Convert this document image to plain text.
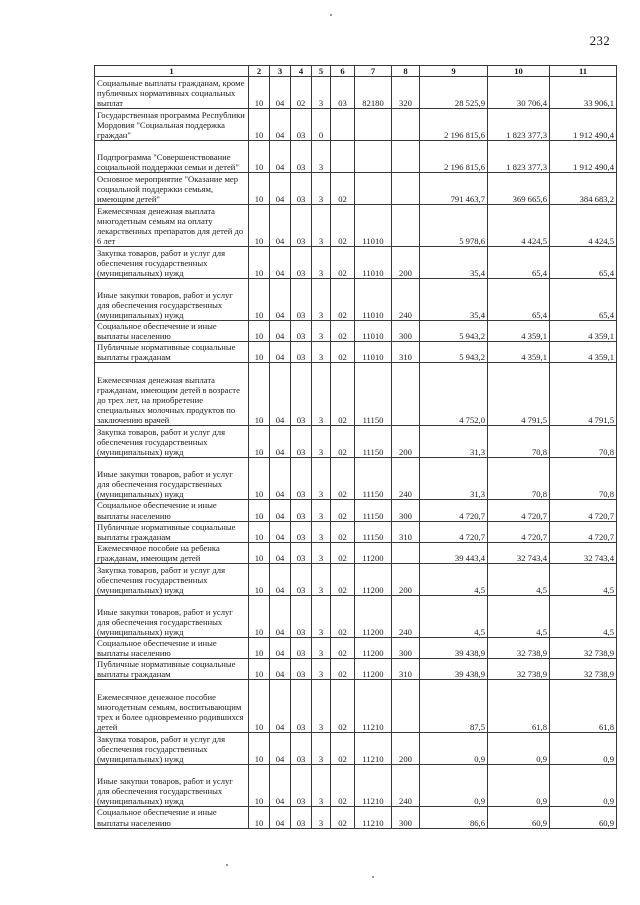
232
1	2	3	4	5	6	7	8	9	10	11
Социальные выплаты гражданам, кроме публичных нормативных социальных выплат	10	04	02	3	03	82180	320	28 525,9	30 706,4	33 906,1
Государственная программа Республики Мордовия "Социальная поддержка граждан"	10	04	03	0				2 196 815,6	1 823 377,3	1 912 490,4
Подпрограмма "Совершенствование социальной поддержки семьи и детей"	10	04	03	3				2 196 815,6	1 823 377,3	1 912 490,4
Основное мероприятие "Оказание мер социальной поддержки семьям, имеющим детей"	10	04	03	3	02			791 463,7	369 665,6	384 683,2
Ежемесячная денежная выплата многодетным семьям на оплату лекарственных препаратов для детей до 6 лет	10	04	03	3	02	11010		5 978,6	4 424,5	4 424,5
Закупка товаров, работ и услуг для обеспечения государственных (муниципальных) нужд	10	04	03	3	02	11010	200	35,4	65,4	65,4
Иные закупки товаров, работ и услуг для обеспечения государственных (муниципальных) нужд	10	04	03	3	02	11010	240	35,4	65,4	65,4
Социальное обеспечение и иные выплаты населению	10	04	03	3	02	11010	300	5 943,2	4 359,1	4 359,1
Публичные нормативные социальные выплаты гражданам	10	04	03	3	02	11010	310	5 943,2	4 359,1	4 359,1
Ежемесячная денежная выплата гражданам, имеющим детей в возрасте до трех лет, на приобретение специальных молочных продуктов по заключению врачей	10	04	03	3	02	11150		4 752,0	4 791,5	4 791,5
Закупка товаров, работ и услуг для обеспечения государственных (муниципальных) нужд	10	04	03	3	02	11150	200	31,3	70,8	70,8
Иные закупки товаров, работ и услуг для обеспечения государственных (муниципальных) нужд	10	04	03	3	02	11150	240	31,3	70,8	70,8
Социальное обеспечение и иные выплаты населению	10	04	03	3	02	11150	300	4 720,7	4 720,7	4 720,7
Публичные нормативные социальные выплаты гражданам	10	04	03	3	02	11150	310	4 720,7	4 720,7	4 720,7
Ежемесячное пособие на ребенка гражданам, имеющим детей	10	04	03	3	02	11200		39 443,4	32 743,4	32 743,4
Закупка товаров, работ и услуг для обеспечения государственных (муниципальных) нужд	10	04	03	3	02	11200	200	4,5	4,5	4,5
Иные закупки товаров, работ и услуг для обеспечения государственных (муниципальных) нужд	10	04	03	3	02	11200	240	4,5	4,5	4,5
Социальное обеспечение и иные выплаты населению	10	04	03	3	02	11200	300	39 438,9	32 738,9	32 738,9
Публичные нормативные социальные выплаты гражданам	10	04	03	3	02	11200	310	39 438,9	32 738,9	32 738,9
Ежемесячное денежное пособие многодетным семьям, воспитывающим трех и более одновременно родившихся детей	10	04	03	3	02	11210		87,5	61,8	61,8
Закупка товаров, работ и услуг для обеспечения государственных (муниципальных) нужд	10	04	03	3	02	11210	200	0,9	0,9	0,9
Иные закупки товаров, работ и услуг для обеспечения государственных (муниципальных) нужд	10	04	03	3	02	11210	240	0,9	0,9	0,9
Социальное обеспечение и иные выплаты населению	10	04	03	3	02	11210	300	86,6	60,9	60,9
